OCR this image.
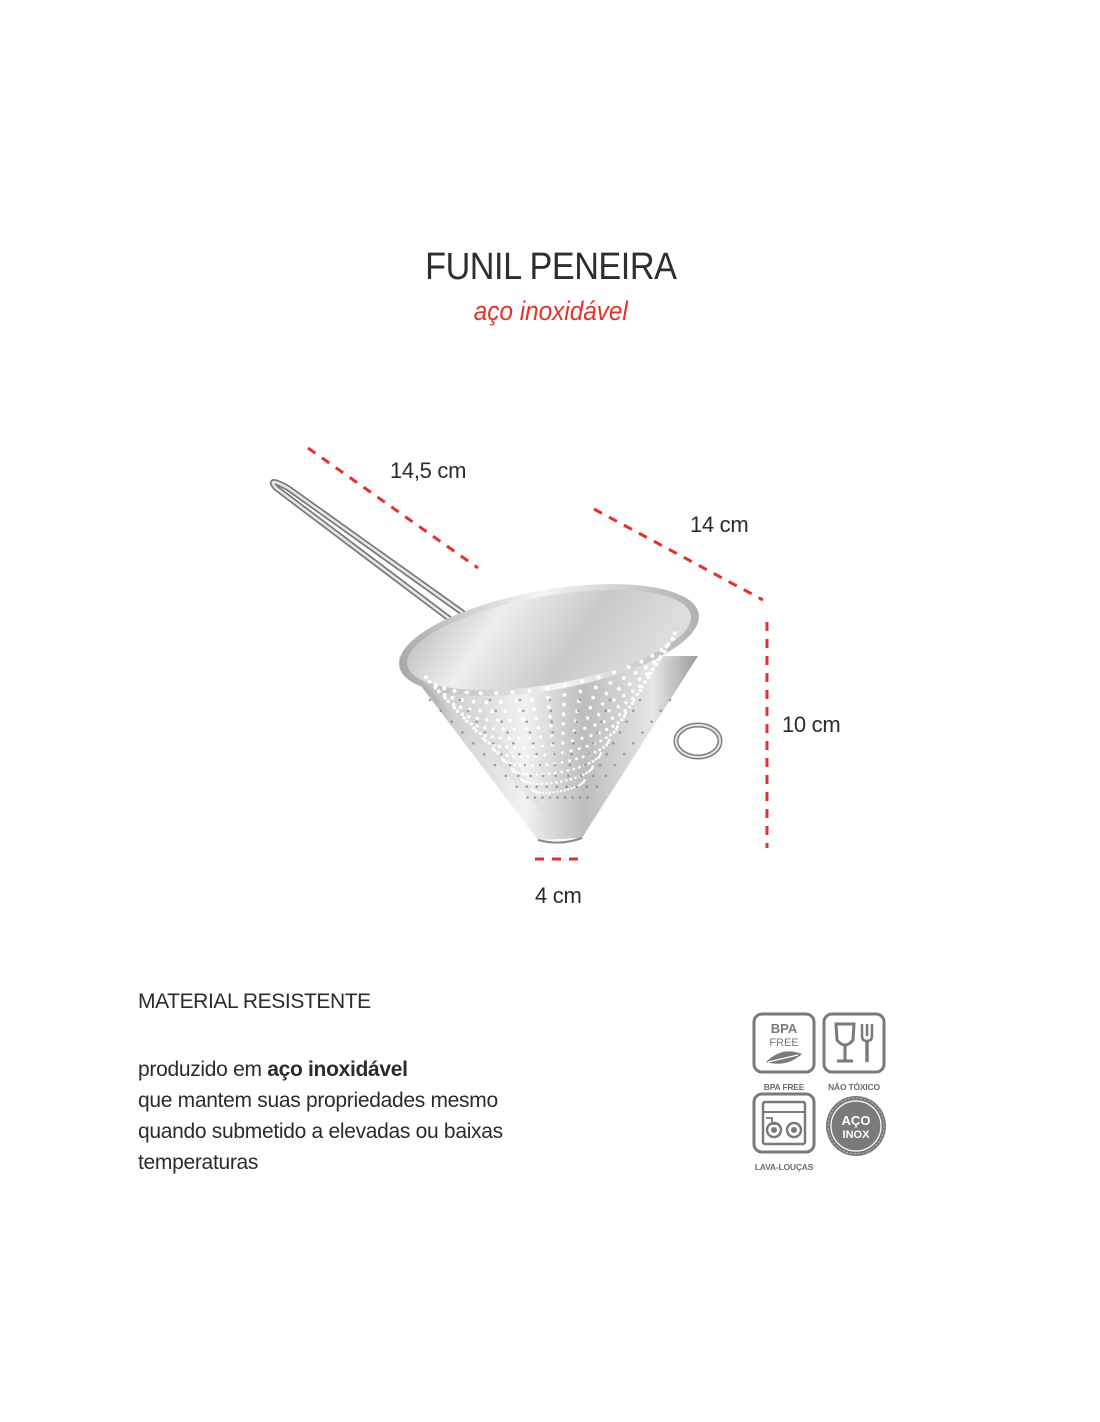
FUNIL PENEIRA
aço inoxidável
14,5 cm
14 cm
10 cm
4 cm
MATERIAL RESISTENTE
produzido em aço inoxidável
que mantem suas propriedades mesmo
quando submetido a elevadas ou baixas
temperaturas
BPA
FREE
BPA FREE	NÃO TÓXICO
LAVA-LOUÇAS
AÇO
INOX
